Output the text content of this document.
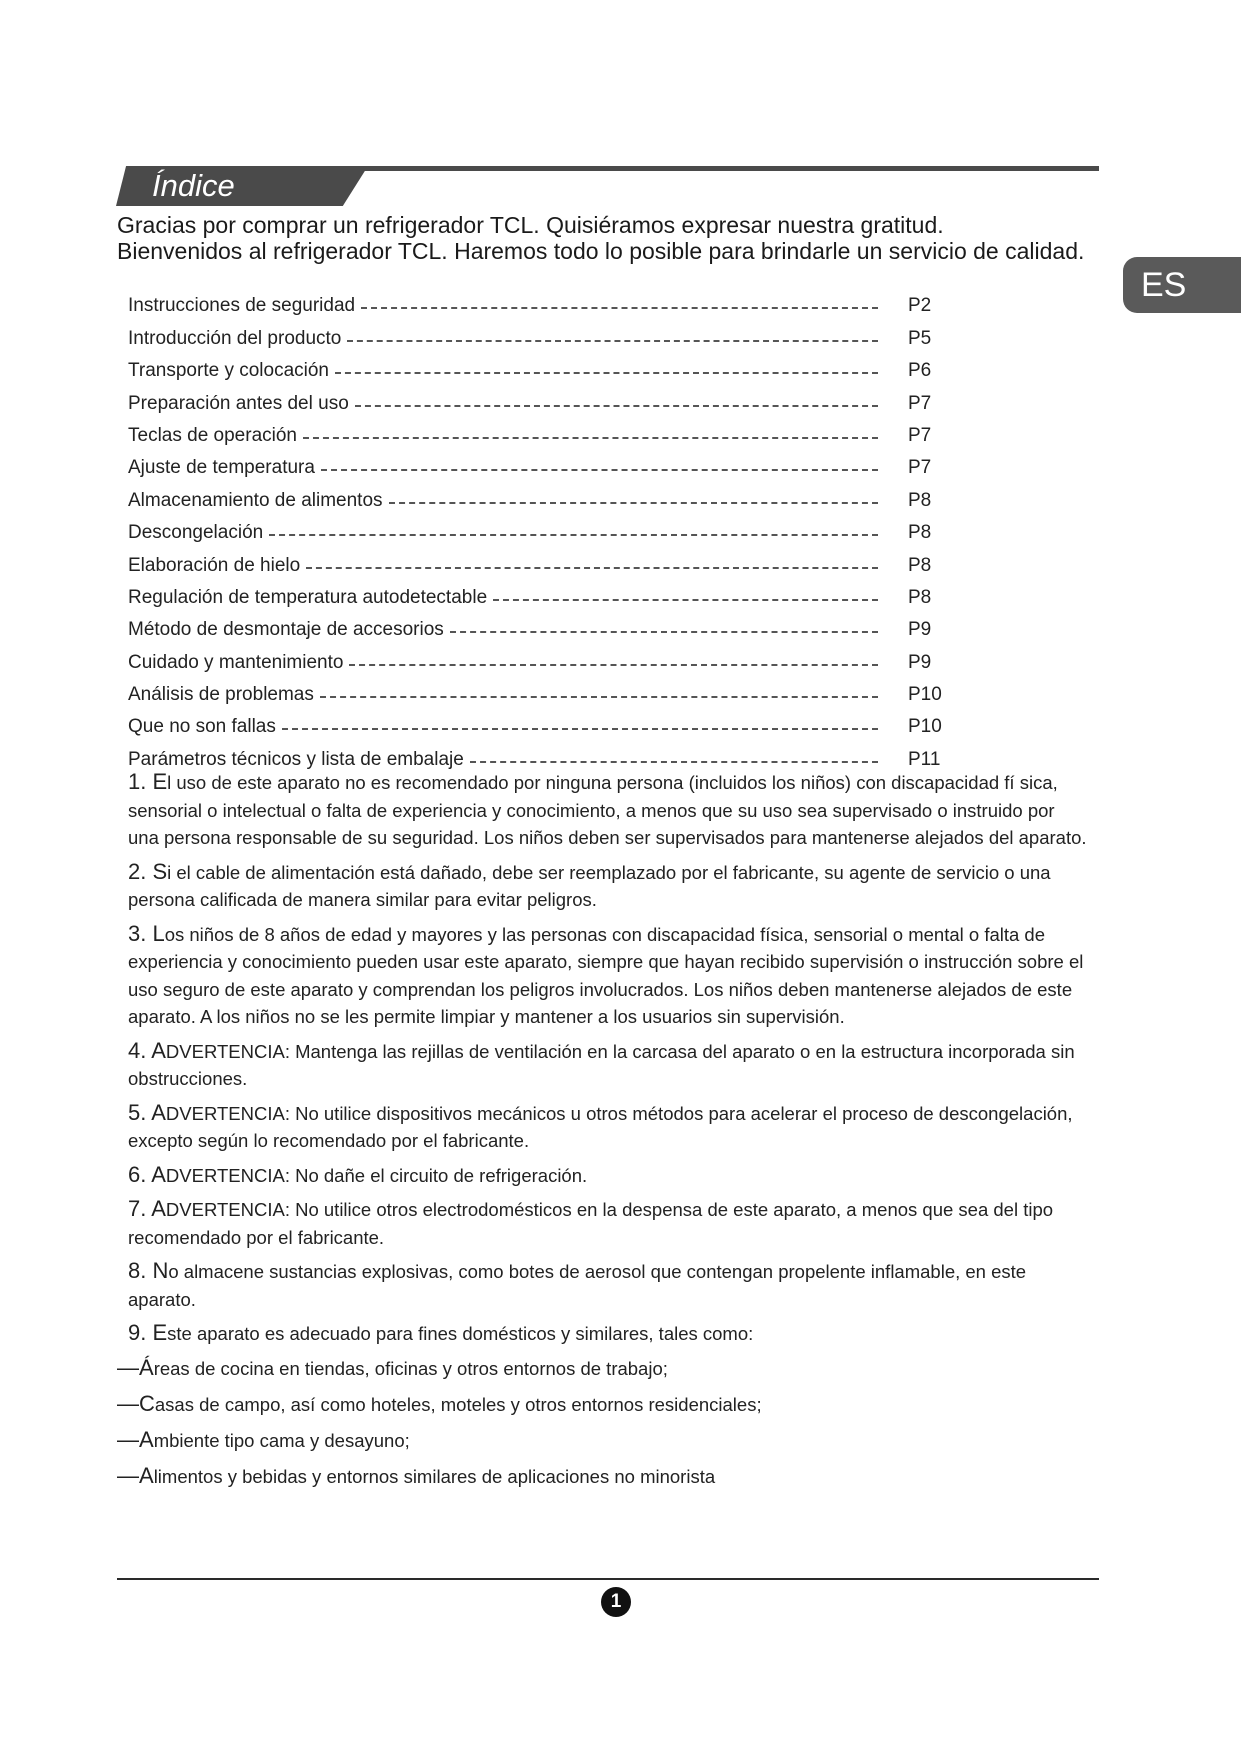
Índice
ES
Gracias por comprar un refrigerador TCL. Quisiéramos expresar nuestra gratitud.
Bienvenidos al refrigerador TCL. Haremos todo lo posible para brindarle un servicio de calidad.
Instrucciones de seguridad	P2
Introducción del producto	P5
Transporte y colocación	P6
Preparación antes del uso	P7
Teclas de operación	P7
Ajuste de temperatura	P7
Almacenamiento de alimentos	P8
Descongelación	P8
Elaboración de hielo	P8
Regulación de temperatura autodetectable	P8
Método de desmontaje de accesorios	P9
Cuidado y mantenimiento	P9
Análisis de problemas	P10
Que no son fallas	P10
Parámetros técnicos y lista de embalaje	P11
1. El uso de este aparato no es recomendado por ninguna persona (incluidos los niños) con discapacidad fí sica, sensorial o intelectual o falta de experiencia y conocimiento, a menos que su uso sea supervisado o instruido por una persona responsable de su seguridad. Los niños deben ser supervisados para mantenerse alejados del aparato.
2. Si el cable de alimentación está dañado, debe ser reemplazado por el fabricante, su agente de servicio o una persona calificada de manera similar para evitar peligros.
3. Los niños de 8 años de edad y mayores y las personas con discapacidad física, sensorial o mental o falta de experiencia y conocimiento pueden usar este aparato, siempre que hayan recibido supervisión o instrucción sobre el uso seguro de este aparato y comprendan los peligros involucrados. Los niños deben mantenerse alejados de este aparato. A los niños no se les permite limpiar y mantener a los usuarios sin supervisión.
4. ADVERTENCIA: Mantenga las rejillas de ventilación en la carcasa del aparato o en la estructura incorporada sin obstrucciones.
5. ADVERTENCIA: No utilice dispositivos mecánicos u otros métodos para acelerar el proceso de descongelación, excepto según lo recomendado por el fabricante.
6. ADVERTENCIA: No dañe el circuito de refrigeración.
7. ADVERTENCIA: No utilice otros electrodomésticos en la despensa de este aparato, a menos que sea del tipo recomendado por el fabricante.
8. No almacene sustancias explosivas, como botes de aerosol que contengan propelente inflamable, en este aparato.
9. Este aparato es adecuado para fines domésticos y similares, tales como:
—Áreas de cocina en tiendas, oficinas y otros entornos de trabajo;
—Casas de campo, así como hoteles, moteles y otros entornos residenciales;
—Ambiente tipo cama y desayuno;
—Alimentos y bebidas y entornos similares de aplicaciones no minorista
1
